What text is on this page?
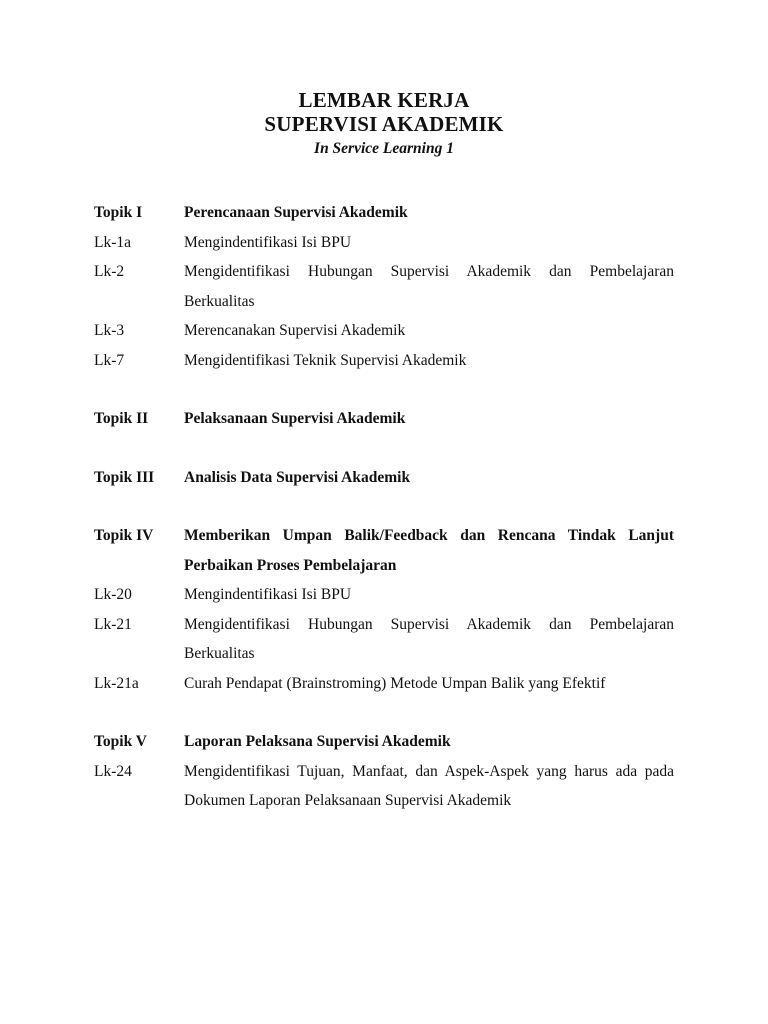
LEMBAR KERJA
SUPERVISI AKADEMIK
In Service Learning 1
Topik I	Perencanaan Supervisi Akademik
Lk-1a	Mengindentifikasi Isi BPU
Lk-2	Mengidentifikasi Hubungan Supervisi Akademik dan Pembelajaran Berkualitas
Lk-3	Merencanakan Supervisi Akademik
Lk-7	Mengidentifikasi Teknik Supervisi Akademik
Topik II	Pelaksanaan Supervisi Akademik
Topik III	Analisis Data Supervisi Akademik
Topik IV	Memberikan Umpan Balik/Feedback dan Rencana Tindak Lanjut Perbaikan Proses Pembelajaran
Lk-20	Mengindentifikasi Isi BPU
Lk-21	Mengidentifikasi Hubungan Supervisi Akademik dan Pembelajaran Berkualitas
Lk-21a	Curah Pendapat (Brainstroming) Metode Umpan Balik yang Efektif
Topik V	Laporan Pelaksana Supervisi Akademik
Lk-24	Mengidentifikasi Tujuan, Manfaat, dan Aspek-Aspek yang harus ada pada Dokumen Laporan Pelaksanaan Supervisi Akademik
